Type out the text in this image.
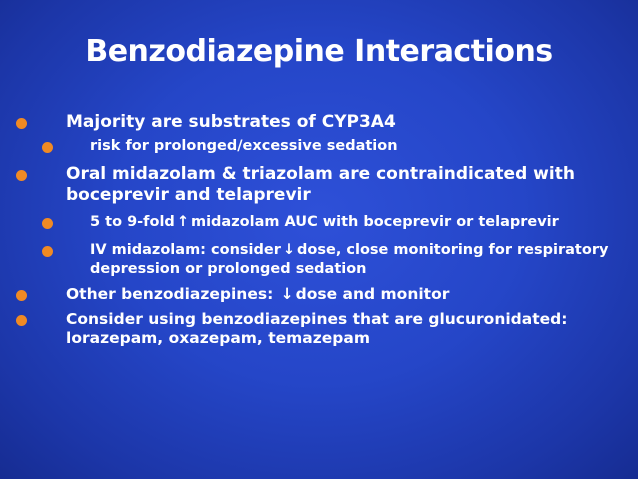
Benzodiazepine Interactions
Majority are substrates of CYP3A4
risk for prolonged/excessive sedation
Oral midazolam & triazolam are contraindicated with boceprevir and telaprevir
5 to 9-fold ↑ midazolam AUC with boceprevir or telaprevir
IV midazolam: consider ↓ dose, close monitoring for respiratory depression or prolonged sedation
Other benzodiazepines: ↓ dose and monitor
Consider using benzodiazepines that are glucuronidated: lorazepam, oxazepam, temazepam
